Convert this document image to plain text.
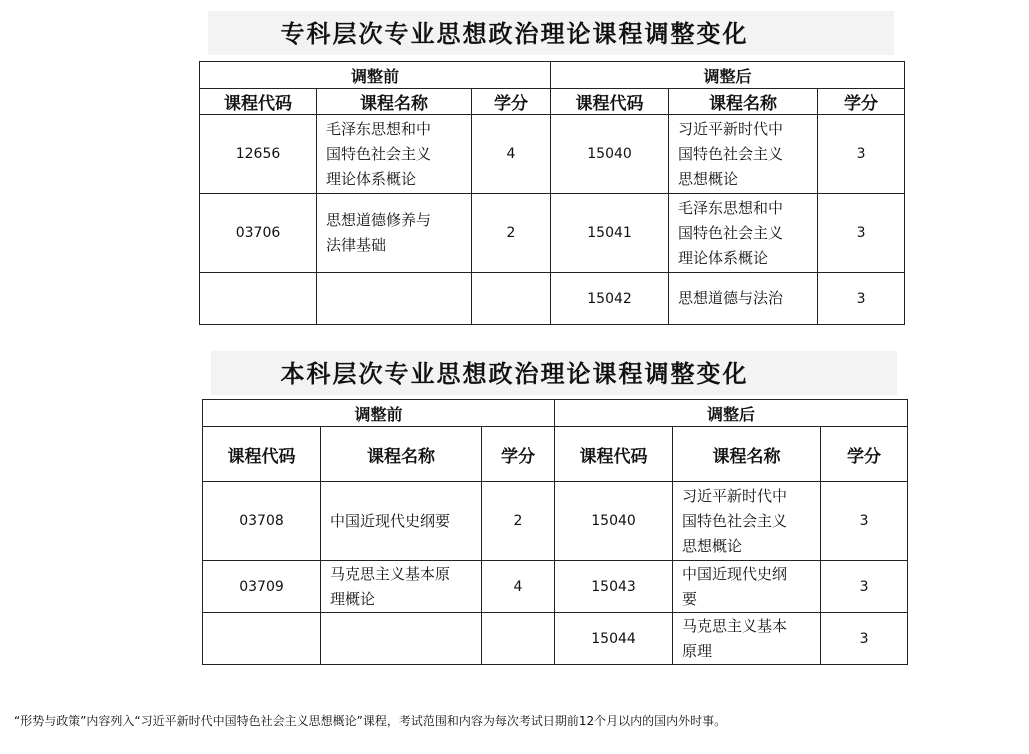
专科层次专业思想政治理论课程调整变化
调整前			调整后		
课程代码	课程名称	学分	课程代码	课程名称	学分
12656	毛泽东思想和中
国特色社会主义
理论体系概论	4	15040	习近平新时代中
国特色社会主义
思想概论	3
03706	思想道德修养与
法律基础	2	15041	毛泽东思想和中
国特色社会主义
理论体系概论	3
			15042	思想道德与法治	3
本科层次专业思想政治理论课程调整变化
调整前			调整后		
课程代码	课程名称	学分	课程代码	课程名称	学分
03708	中国近现代史纲要	2	15040	习近平新时代中
国特色社会主义
思想概论	3
03709	马克思主义基本原
理概论	4	15043	中国近现代史纲
要	3
			15044	马克思主义基本
原理	3
“形势与政策”内容列入“习近平新时代中国特色社会主义思想概论”课程，考试范围和内容为每次考试日期前12个月以内的国内外时事。
